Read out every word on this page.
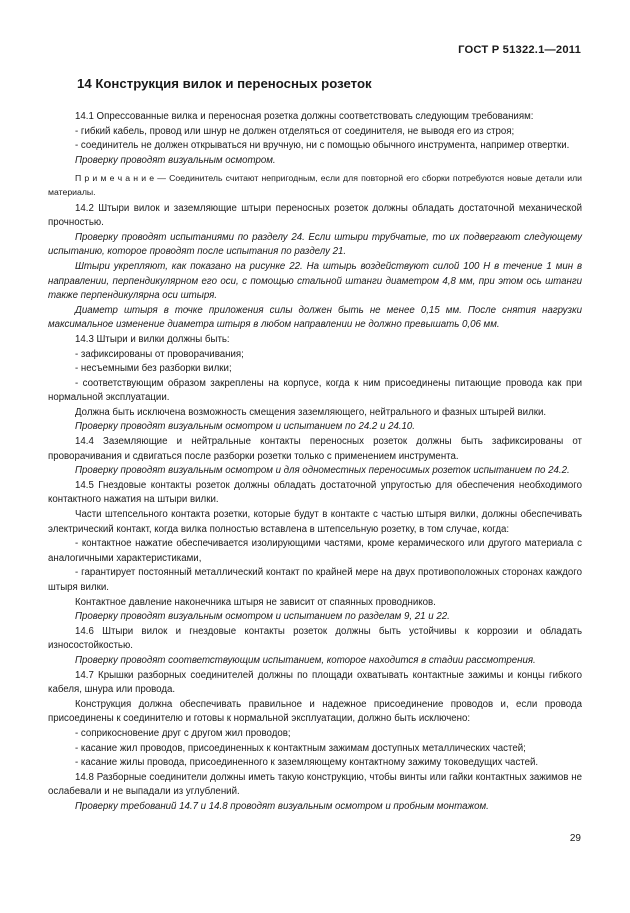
ГОСТ Р 51322.1—2011
14 Конструкция вилок и переносных розеток

14.1 Опрессованные вилка и переносная розетка должны соответствовать следующим требованиям:

- гибкий кабель, провод или шнур не должен отделяться от соединителя, не выводя его из строя;

- соединитель не должен открываться ни вручную, ни с помощью обычного инструмента, например отвертки.

Проверку проводят визуальным осмотром.

П р и м е ч а н и е — Соединитель считают непригодным, если для повторной его сборки потребуются новые детали или материалы.

14.2 Штыри вилок и заземляющие штыри переносных розеток должны обладать достаточной механической прочностью.

Проверку проводят испытаниями по разделу 24. Если штыри трубчатые, то их подвергают следующему испытанию, которое проводят после испытания по разделу 21.

Штыри укрепляют, как показано на рисунке 22. На штырь воздействуют силой 100 Н в течение 1 мин в направлении, перпендикулярном его оси, с помощью стальной штанги диаметром 4,8 мм, при этом ось штанги также перпендикулярна оси штыря.

Диаметр штыря в точке приложения силы должен быть не менее 0,15 мм. После снятия нагрузки максимальное изменение диаметра штыря в любом направлении не должно превышать 0,06 мм.

14.3 Штыри и вилки должны быть:

- зафиксированы от проворачивания;

- несъемными без разборки вилки;

- соответствующим образом закреплены на корпусе, когда к ним присоединены питающие провода как при нормальной эксплуатации.

Должна быть исключена возможность смещения заземляющего, нейтрального и фазных штырей вилки.

Проверку проводят визуальным осмотром и испытанием по 24.2 и 24.10.

14.4 Заземляющие и нейтральные контакты переносных розеток должны быть зафиксированы от проворачивания и сдвигаться после разборки розетки только с применением инструмента.

Проверку проводят визуальным осмотром и для одноместных переносимых розеток испытанием по 24.2.

14.5 Гнездовые контакты розеток должны обладать достаточной упругостью для обеспечения необходимого контактного нажатия на штыри вилки.

Части штепсельного контакта розетки, которые будут в контакте с частью штыря вилки, должны обеспечивать электрический контакт, когда вилка полностью вставлена в штепсельную розетку, в том случае, когда:

- контактное нажатие обеспечивается изолирующими частями, кроме керамического или другого материала с аналогичными характеристиками,

- гарантирует постоянный металлический контакт по крайней мере на двух противоположных сторонах каждого штыря вилки.

Контактное давление наконечника штыря не зависит от спаянных проводников.

Проверку проводят визуальным осмотром и испытанием по разделам 9, 21 и 22.

14.6 Штыри вилок и гнездовые контакты розеток должны быть устойчивы к коррозии и обладать износостойкостью.

Проверку проводят соответствующим испытанием, которое находится в стадии рассмотрения.

14.7 Крышки разборных соединителей должны по площади охватывать контактные зажимы и концы гибкого кабеля, шнура или провода.

Конструкция должна обеспечивать правильное и надежное присоединение проводов и, если провода присоединены к соединителю и готовы к нормальной эксплуатации, должно быть исключено:

- соприкосновение друг с другом жил проводов;

- касание жил проводов, присоединенных к контактным зажимам доступных металлических частей;

- касание жилы провода, присоединенного к заземляющему контактному зажиму токоведущих частей.

14.8 Разборные соединители должны иметь такую конструкцию, чтобы винты или гайки контактных зажимов не ослабевали и не выпадали из углублений.

Проверку требований 14.7 и 14.8 проводят визуальным осмотром и пробным монтажом.

29
